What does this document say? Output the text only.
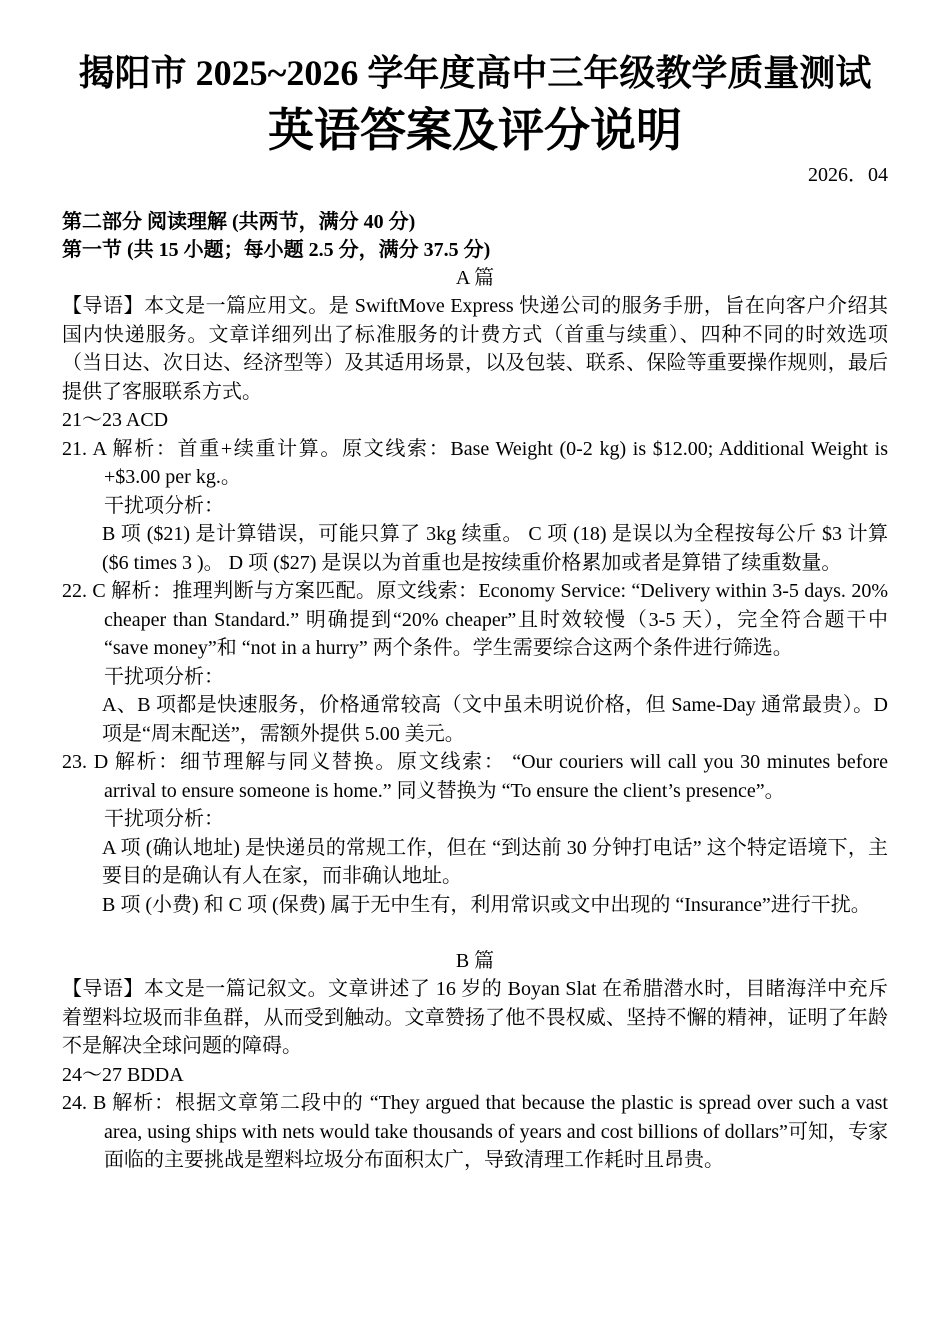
揭阳市 2025~2026 学年度高中三年级教学质量测试
英语答案及评分说明
2026．04
第二部分 阅读理解 (共两节，满分 40 分)
第一节 (共 15 小题；每小题 2.5 分，满分 37.5 分)
A 篇
【导语】本文是一篇应用文。是 SwiftMove Express 快递公司的服务手册，旨在向客户介绍其国内快递服务。文章详细列出了标准服务的计费方式（首重与续重）、四种不同的时效选项（当日达、次日达、经济型等）及其适用场景，以及包装、联系、保险等重要操作规则，最后提供了客服联系方式。
21～23 ACD
21. A 解析：首重+续重计算。原文线索：Base Weight (0-2 kg) is $12.00; Additional Weight is +$3.00 per kg.。
干扰项分析：
B 项 ($21) 是计算错误，可能只算了 3kg 续重。 C 项 (18) 是误以为全程按每公斤 $3 计算 ($6 times 3 )。 D 项 ($27) 是误以为首重也是按续重价格累加或者是算错了续重数量。
22. C 解析：推理判断与方案匹配。原文线索：Economy Service: “Delivery within 3-5 days. 20% cheaper than Standard.” 明确提到“20% cheaper”且时效较慢（3-5 天），完全符合题干中 “save money”和 “not in a hurry” 两个条件。学生需要综合这两个条件进行筛选。
干扰项分析：
A、B 项都是快速服务，价格通常较高（文中虽未明说价格，但 Same-Day 通常最贵）。D 项是“周末配送”，需额外提供 5.00 美元。
23. D 解析：细节理解与同义替换。原文线索： “Our couriers will call you 30 minutes before arrival to ensure someone is home.” 同义替换为 “To ensure the client’s presence”。
干扰项分析：
A 项 (确认地址) 是快递员的常规工作，但在 “到达前 30 分钟打电话” 这个特定语境下，主要目的是确认有人在家，而非确认地址。
B 项 (小费) 和 C 项 (保费) 属于无中生有，利用常识或文中出现的 “Insurance”进行干扰。
B 篇
【导语】本文是一篇记叙文。文章讲述了 16 岁的 Boyan Slat 在希腊潜水时，目睹海洋中充斥着塑料垃圾而非鱼群，从而受到触动。文章赞扬了他不畏权威、坚持不懈的精神，证明了年龄不是解决全球问题的障碍。
24～27 BDDA
24. B 解析：根据文章第二段中的 “They argued that because the plastic is spread over such a vast area, using ships with nets would take thousands of years and cost billions of dollars”可知，专家面临的主要挑战是塑料垃圾分布面积太广，导致清理工作耗时且昂贵。
